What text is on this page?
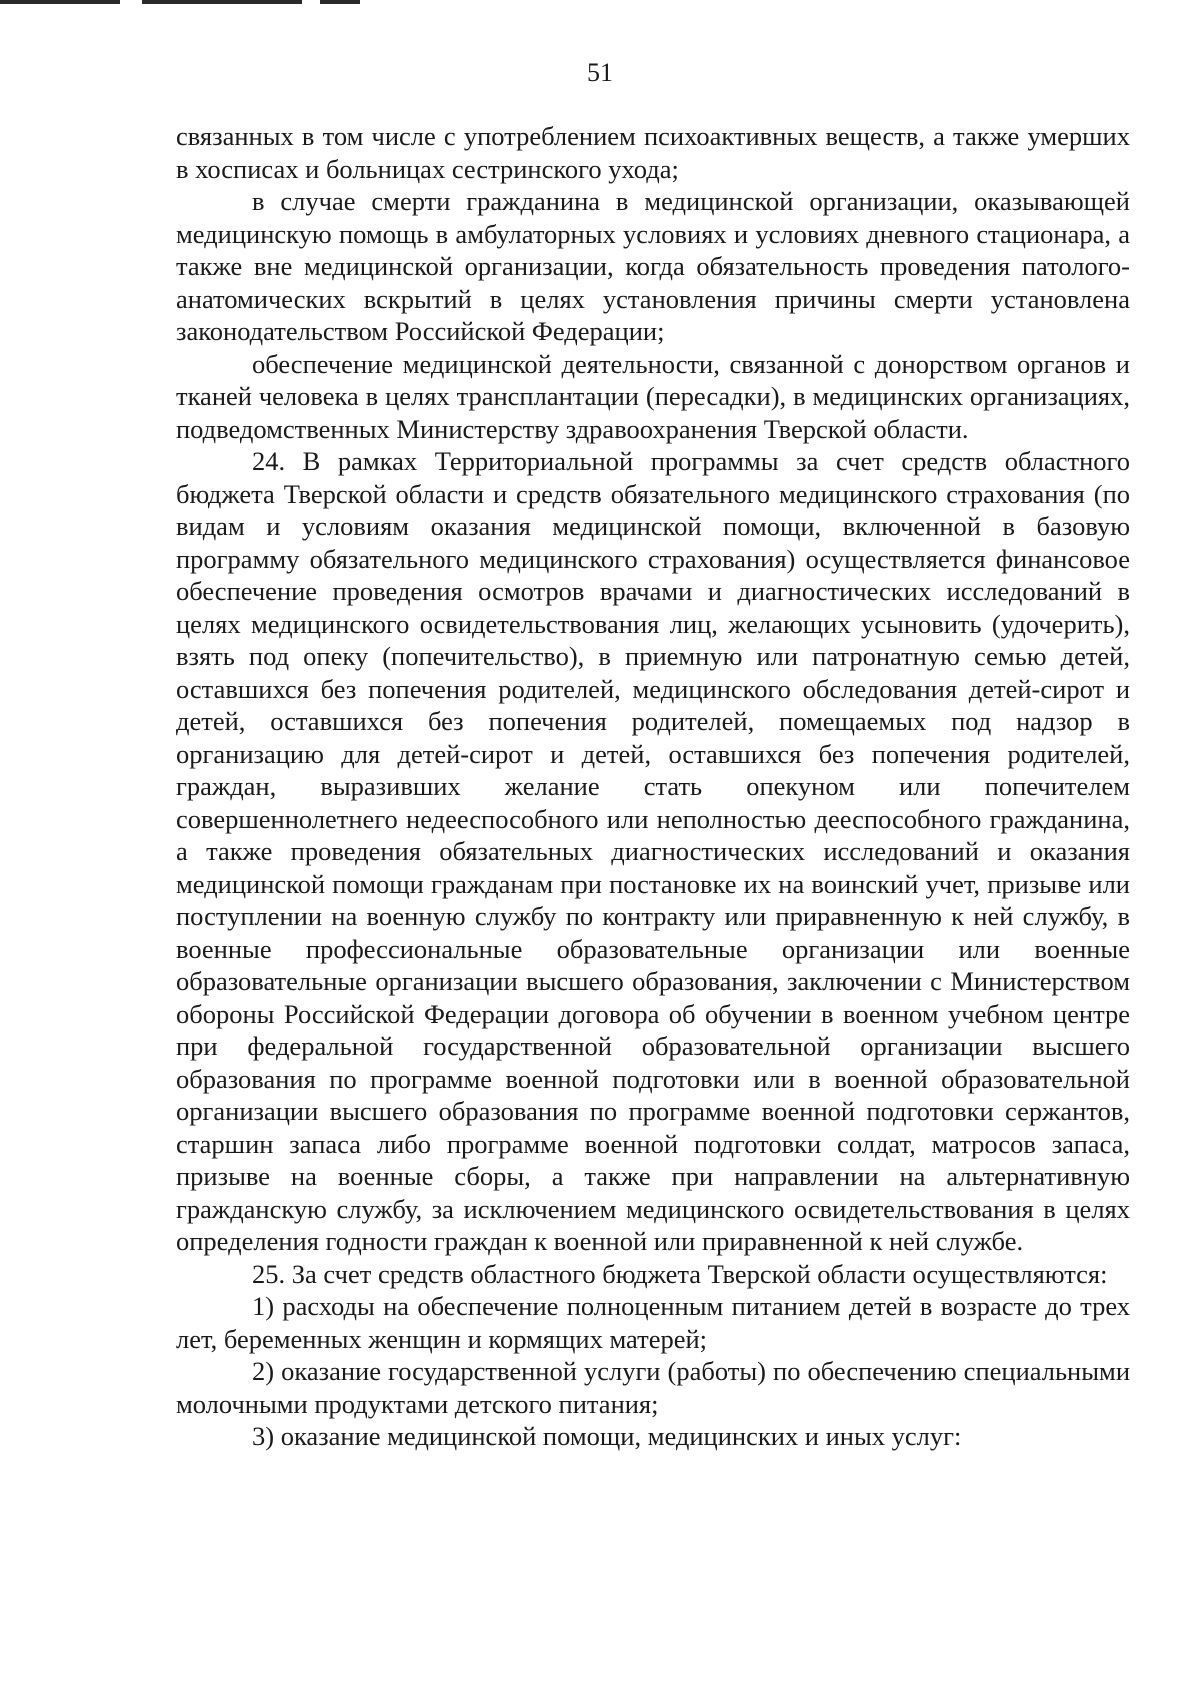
51

связанных в том числе с употреблением психоактивных веществ, а также умерших в хосписах и больницах сестринского ухода;

в случае смерти гражданина в медицинской организации, оказывающей медицинскую помощь в амбулаторных условиях и условиях дневного стационара, а также вне медицинской организации, когда обязательность проведения патолого-анатомических вскрытий в целях установления причины смерти установлена законодательством Российской Федерации;

обеспечение медицинской деятельности, связанной с донорством органов и тканей человека в целях трансплантации (пересадки), в медицинских организациях, подведомственных Министерству здравоохранения Тверской области.

24. В рамках Территориальной программы за счет средств областного бюджета Тверской области и средств обязательного медицинского страхования (по видам и условиям оказания медицинской помощи, включенной в базовую программу обязательного медицинского страхования) осуществляется финансовое обеспечение проведения осмотров врачами и диагностических исследований в целях медицинского освидетельствования лиц, желающих усыновить (удочерить), взять под опеку (попечительство), в приемную или патронатную семью детей, оставшихся без попечения родителей, медицинского обследования детей-сирот и детей, оставшихся без попечения родителей, помещаемых под надзор в организацию для детей-сирот и детей, оставшихся без попечения родителей, граждан, выразивших желание стать опекуном или попечителем совершеннолетнего недееспособного или неполностью дееспособного гражданина, а также проведения обязательных диагностических исследований и оказания медицинской помощи гражданам при постановке их на воинский учет, призыве или поступлении на военную службу по контракту или приравненную к ней службу, в военные профессиональные образовательные организации или военные образовательные организации высшего образования, заключении с Министерством обороны Российской Федерации договора об обучении в военном учебном центре при федеральной государственной образовательной организации высшего образования по программе военной подготовки или в военной образовательной организации высшего образования по программе военной подготовки сержантов, старшин запаса либо программе военной подготовки солдат, матросов запаса, призыве на военные сборы, а также при направлении на альтернативную гражданскую службу, за исключением медицинского освидетельствования в целях определения годности граждан к военной или приравненной к ней службе.

25. За счет средств областного бюджета Тверской области осуществляются:

1) расходы на обеспечение полноценным питанием детей в возрасте до трех лет, беременных женщин и кормящих матерей;

2) оказание государственной услуги (работы) по обеспечению специальными молочными продуктами детского питания;

3) оказание медицинской помощи, медицинских и иных услуг:
